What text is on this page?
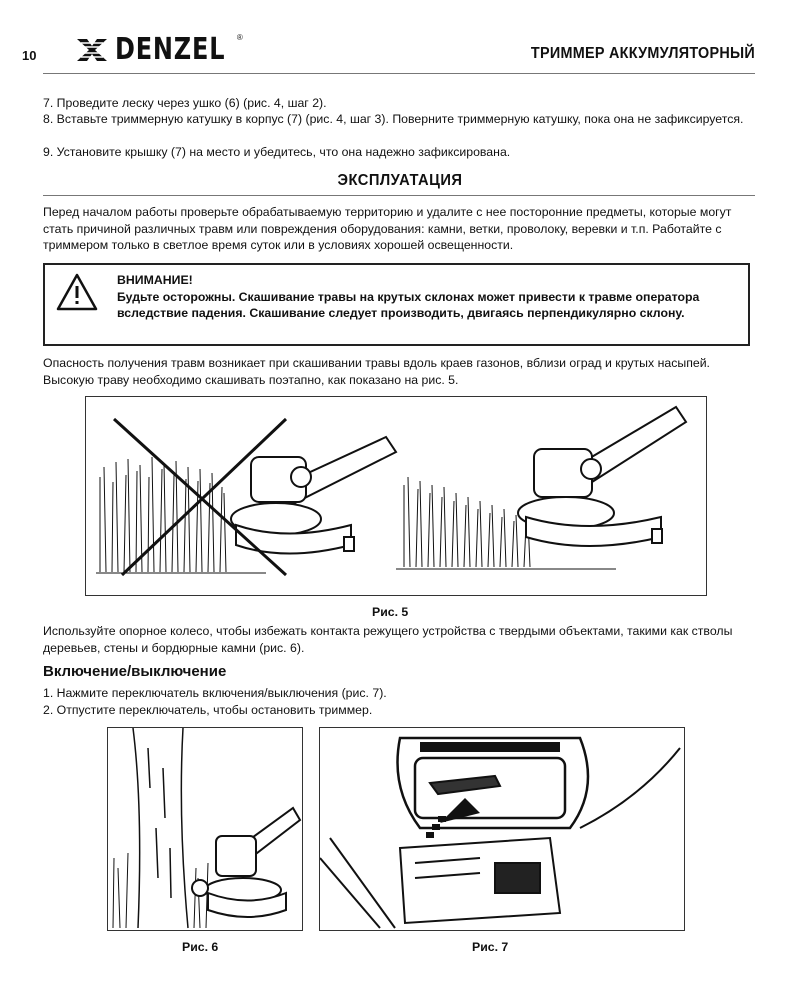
10	DENZEL ®
ТРИММЕР АККУМУЛЯТОРНЫЙ
7. Проведите леску через ушко (6) (рис. 4, шаг 2).
8. Вставьте триммерную катушку в корпус (7) (рис. 4, шаг 3). Поверните триммерную катушку, пока она не зафиксируется.
9. Установите крышку (7) на место и убедитесь, что она надежно зафиксирована.
ЭКСПЛУАТАЦИЯ
Перед началом работы проверьте обрабатываемую территорию и удалите с нее посторонние предметы, которые могут стать причиной различных травм или повреждения оборудования: камни, ветки, проволоку, веревки и т.п. Работайте с триммером только в светлое время суток или в условиях хорошей освещенности.
ВНИМАНИЕ!
Будьте осторожны. Скашивание травы на крутых склонах может привести к травме оператора вследствие падения. Скашивание следует производить, двигаясь перпендикулярно склону.
Опасность получения травм возникает при скашивании травы вдоль краев газонов, вблизи оград и крутых насыпей. Высокую траву необходимо скашивать поэтапно, как показано на рис. 5.
Рис. 5
Используйте опорное колесо, чтобы избежать контакта режущего устройства с твердыми объектами, такими как стволы деревьев, стены и бордюрные камни (рис. 6).
Включение/выключение
1. Нажмите переключатель включения/выключения (рис. 7).
2. Отпустите переключатель, чтобы остановить триммер.
Рис. 6	Рис. 7
